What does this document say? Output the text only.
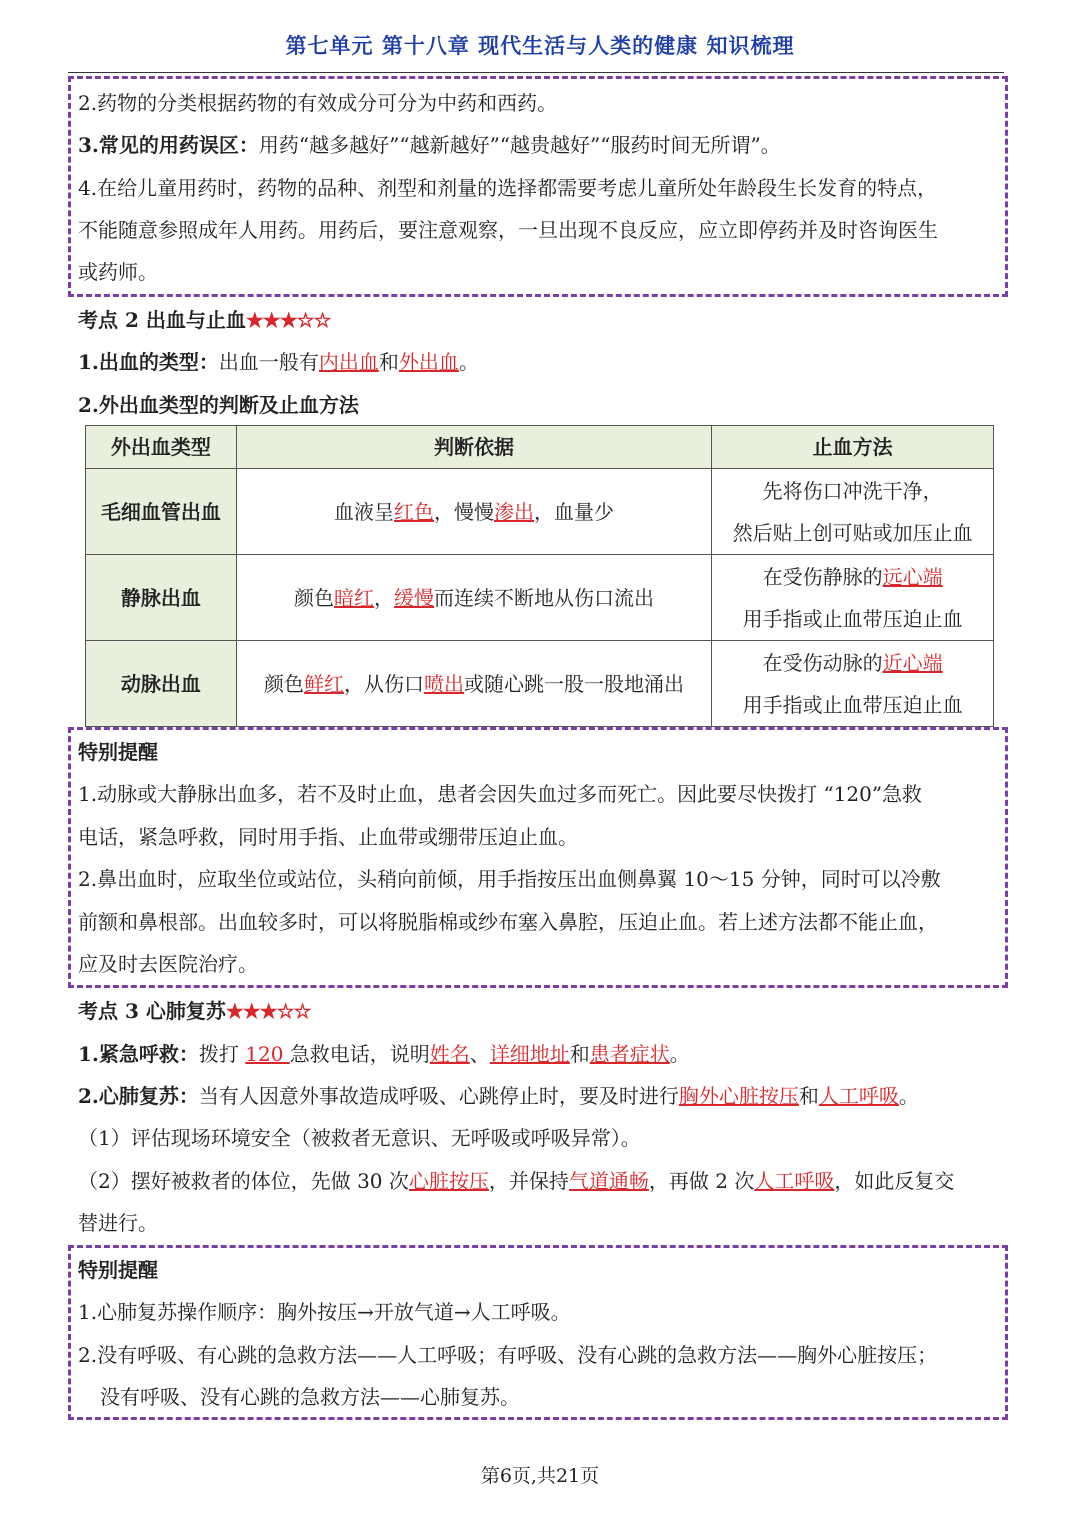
第七单元 第十八章 现代生活与人类的健康 知识梳理
2.药物的分类根据药物的有效成分可分为中药和西药。
3.常见的用药误区：用药“越多越好”“越新越好”“越贵越好”“服药时间无所谓”。
4.在给儿童用药时，药物的品种、剂型和剂量的选择都需要考虑儿童所处年龄段生长发育的特点，
不能随意参照成年人用药。用药后，要注意观察，一旦出现不良反应，应立即停药并及时咨询医生
或药师。
考点 2 出血与止血★★★☆☆
1.出血的类型：出血一般有内出血和外出血。
2.外出血类型的判断及止血方法
外出血类型	判断依据	止血方法
毛细血管出血	血液呈红色，慢慢渗出，血量少	先将伤口冲洗干净，
然后贴上创可贴或加压止血

静脉出血	颜色暗红，缓慢而连续不断地从伤口流出	在受伤静脉的远心端
用手指或止血带压迫止血

动脉出血	颜色鲜红，从伤口喷出或随心跳一股一股地涌出	在受伤动脉的近心端
用手指或止血带压迫止血
特别提醒
1.动脉或大静脉出血多，若不及时止血，患者会因失血过多而死亡。因此要尽快拨打 “120”急救
电话，紧急呼救，同时用手指、止血带或绷带压迫止血。
2.鼻出血时，应取坐位或站位，头稍向前倾，用手指按压出血侧鼻翼 10～15 分钟，同时可以冷敷
前额和鼻根部。出血较多时，可以将脱脂棉或纱布塞入鼻腔，压迫止血。若上述方法都不能止血，
应及时去医院治疗。
考点 3 心肺复苏★★★☆☆
1.紧急呼救：拨打 120 急救电话，说明姓名、详细地址和患者症状。
2.心肺复苏：当有人因意外事故造成呼吸、心跳停止时，要及时进行胸外心脏按压和人工呼吸。
（1）评估现场环境安全（被救者无意识、无呼吸或呼吸异常）。
（2）摆好被救者的体位，先做 30 次心脏按压，并保持气道通畅，再做 2 次人工呼吸，如此反复交
替进行。
特别提醒
1.心肺复苏操作顺序：胸外按压→开放气道→人工呼吸。
2.没有呼吸、有心跳的急救方法——人工呼吸；有呼吸、没有心跳的急救方法——胸外心脏按压；
没有呼吸、没有心跳的急救方法——心肺复苏。
第6页,共21页
